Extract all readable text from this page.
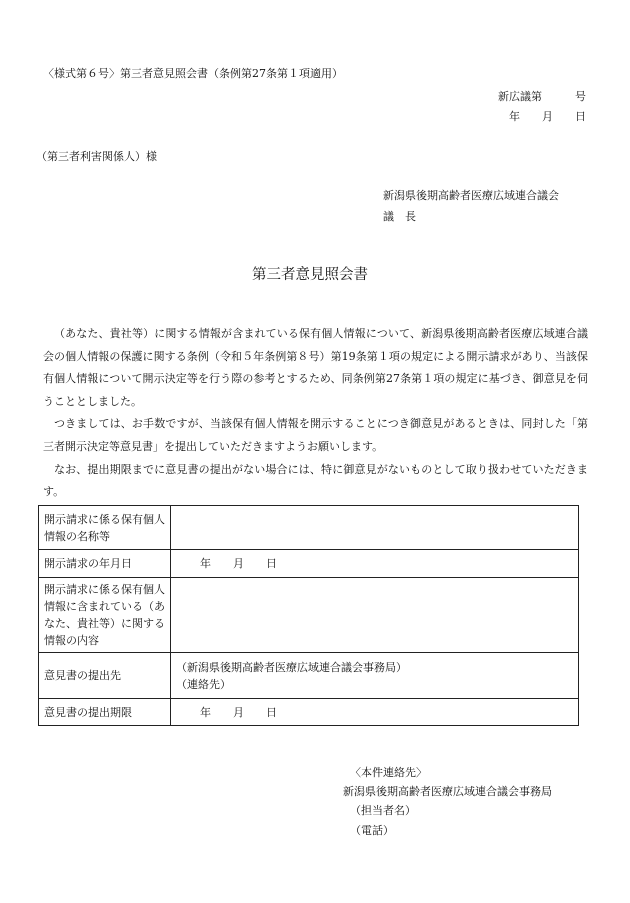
〈様式第６号〉第三者意見照会書（条例第27条第１項適用）
新広議第　　　号
年　　月　　日
（第三者利害関係人）様
新潟県後期高齢者医療広域連合議会
議　長
第三者意見照会書

（あなた、貴社等）に関する情報が含まれている保有個人情報について、新潟県後期高齢者医療広域連合議会の個人情報の保護に関する条例（令和５年条例第８号）第19条第１項の規定による開示請求があり、当該保有個人情報について開示決定等を行う際の参考とするため、同条例第27条第１項の規定に基づき、御意見を伺うこととしました。

つきましては、お手数ですが、当該保有個人情報を開示することにつき御意見があるときは、同封した「第三者開示決定等意見書」を提出していただきますようお願いします。

なお、提出期限までに意見書の提出がない場合には、特に御意見がないものとして取り扱わせていただきます。

開示請求に係る保有個人情報の名称等	
開示請求の年月日	年　　月　　日
開示請求に係る保有個人情報に含まれている（あなた、貴社等）に関する情報の内容	
意見書の提出先	（新潟県後期高齢者医療広域連合議会事務局）
（連絡先）

意見書の提出期限	年　　月　　日
〈本件連絡先〉
新潟県後期高齢者医療広域連合議会事務局
（担当者名）
（電話）
